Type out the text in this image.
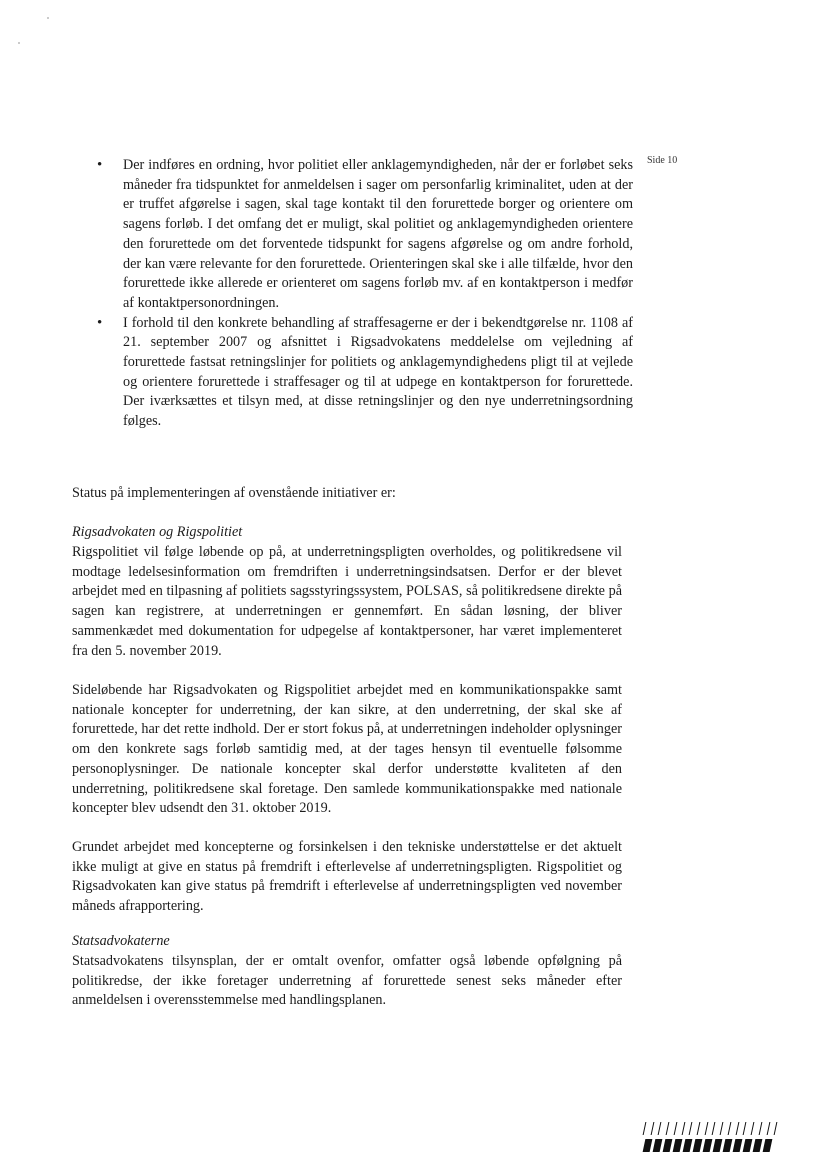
Side 10
• Der indføres en ordning, hvor politiet eller anklagemyndigheden, når der er forløbet seks måneder fra tidspunktet for anmeldelsen i sager om personfarlig kriminalitet, uden at der er truffet afgørelse i sagen, skal tage kontakt til den forurettede borger og orientere om sagens forløb. I det omfang det er muligt, skal politiet og anklagemyndigheden orientere den forurettede om det forventede tidspunkt for sagens afgørelse og om andre forhold, der kan være relevante for den forurettede. Orienteringen skal ske i alle tilfælde, hvor den forurettede ikke allerede er orienteret om sagens forløb mv. af en kontaktperson i medfør af kontaktpersonordningen.
• I forhold til den konkrete behandling af straffesagerne er der i bekendtgørelse nr. 1108 af 21. september 2007 og afsnittet i Rigsadvokatens meddelelse om vejledning af forurettede fastsat retningslinjer for politiets og anklagemyndighedens pligt til at vejlede og orientere forurettede i straffesager og til at udpege en kontaktperson for forurettede. Der iværksættes et tilsyn med, at disse retningslinjer og den nye underretningsordning følges.

Status på implementeringen af ovenstående initiativer er:

Rigsadvokaten og Rigspolitiet

Rigspolitiet vil følge løbende op på, at underretningspligten overholdes, og politikredsene vil modtage ledelsesinformation om fremdriften i underretningsindsatsen. Derfor er der blevet arbejdet med en tilpasning af politiets sagsstyringssystem, POLSAS, så politikredsene direkte på sagen kan registrere, at underretningen er gennemført. En sådan løsning, der bliver sammenkædet med dokumentation for udpegelse af kontaktpersoner, har været implementeret fra den 5. november 2019.

Sideløbende har Rigsadvokaten og Rigspolitiet arbejdet med en kommunikationspakke samt nationale koncepter for underretning, der kan sikre, at den underretning, der skal ske af forurettede, har det rette indhold. Der er stort fokus på, at underretningen indeholder oplysninger om den konkrete sags forløb samtidig med, at der tages hensyn til eventuelle følsomme personoplysninger. De nationale koncepter skal derfor understøtte kvaliteten af den underretning, politikredsene skal foretage. Den samlede kommunikationspakke med nationale koncepter blev udsendt den 31. oktober 2019.

Grundet arbejdet med koncepterne og forsinkelsen i den tekniske understøttelse er det aktuelt ikke muligt at give en status på fremdrift i efterlevelse af underretningspligten. Rigspolitiet og Rigsadvokaten kan give status på fremdrift i efterlevelse af underretningspligten ved november måneds afrapportering.

Statsadvokaterne

Statsadvokatens tilsynsplan, der er omtalt ovenfor, omfatter også løbende opfølgning på politikredse, der ikke foretager underretning af forurettede senest seks måneder efter anmeldelsen i overensstemmelse med handlingsplanen.
